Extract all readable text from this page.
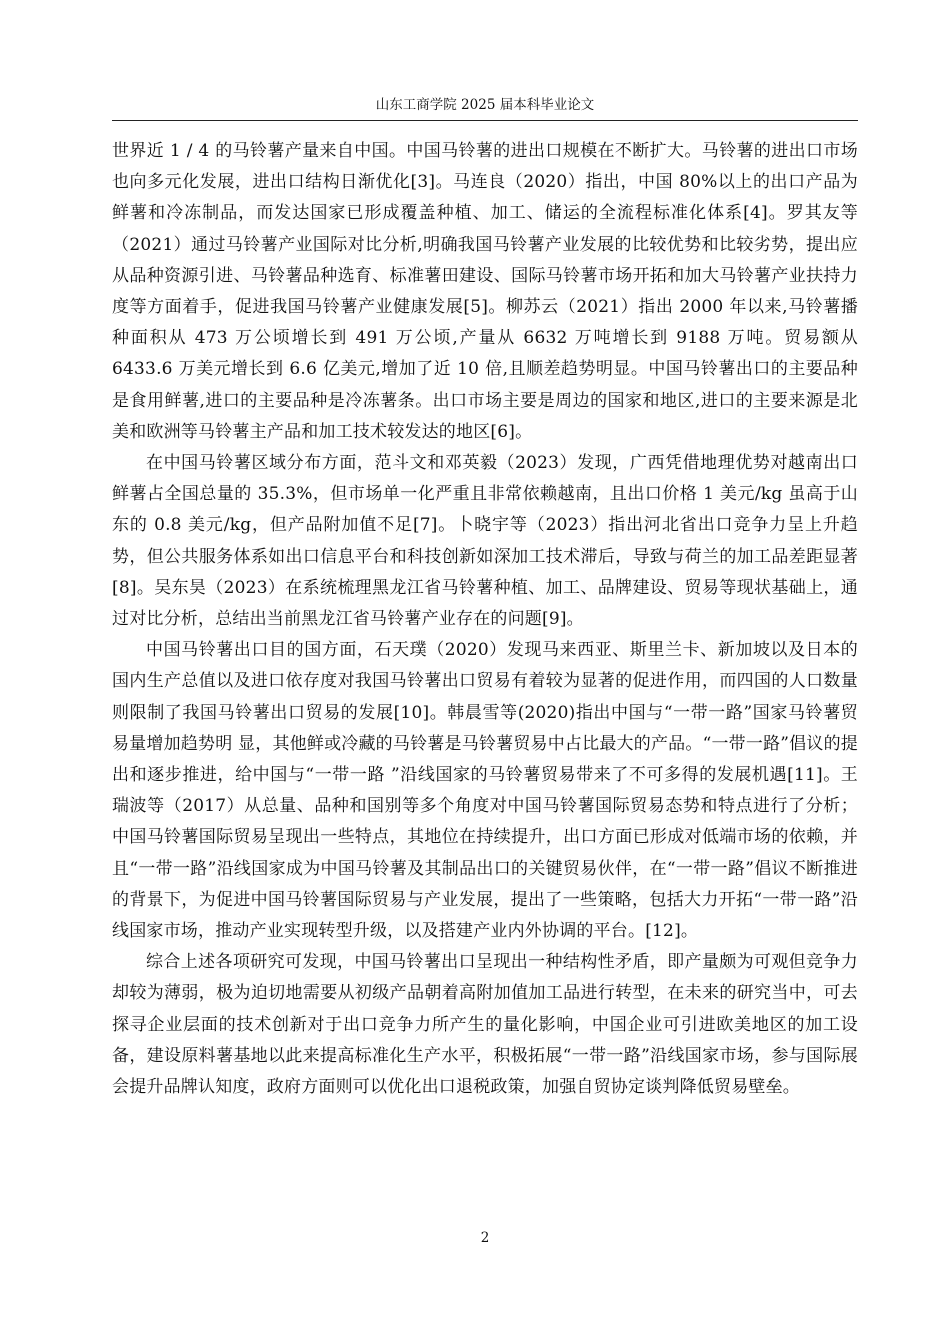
山东工商学院 2025 届本科毕业论文

世界近 1 / 4 的马铃薯产量来自中国。中国马铃薯的进出口规模在不断扩大。马铃薯的进出口市场也向多元化发展，进出口结构日渐优化[3]。马连良（2020）指出，中国 80%以上的出口产品为鲜薯和冷冻制品，而发达国家已形成覆盖种植、加工、储运的全流程标准化体系[4]。罗其友等（2021）通过马铃薯产业国际对比分析,明确我国马铃薯产业发展的比较优势和比较劣势，提出应从品种资源引进、马铃薯品种选育、标准薯田建设、国际马铃薯市场开拓和加大马铃薯产业扶持力度等方面着手，促进我国马铃薯产业健康发展[5]。柳苏云（2021）指出 2000 年以来,马铃薯播种面积从 473 万公顷增长到 491 万公顷,产量从 6632 万吨增长到 9188 万吨。贸易额从 6433.6 万美元增长到 6.6 亿美元,增加了近 10 倍,且顺差趋势明显。中国马铃薯出口的主要品种是食用鲜薯,进口的主要品种是冷冻薯条。出口市场主要是周边的国家和地区,进口的主要来源是北美和欧洲等马铃薯主产品和加工技术较发达的地区[6]。

在中国马铃薯区域分布方面，范斗文和邓英毅（2023）发现，广西凭借地理优势对越南出口鲜薯占全国总量的 35.3%，但市场单一化严重且非常依赖越南，且出口价格 1 美元/kg 虽高于山东的 0.8 美元/kg，但产品附加值不足[7]。卜晓宇等（2023）指出河北省出口竞争力呈上升趋势，但公共服务体系如出口信息平台和科技创新如深加工技术滞后，导致与荷兰的加工品差距显著[8]。吴东昊（2023）在系统梳理黑龙江省马铃薯种植、加工、品牌建设、贸易等现状基础上，通过对比分析，总结出当前黑龙江省马铃薯产业存在的问题[9]。

中国马铃薯出口目的国方面，石天璞（2020）发现马来西亚、斯里兰卡、新加坡以及日本的国内生产总值以及进口依存度对我国马铃薯出口贸易有着较为显著的促进作用，而四国的人口数量则限制了我国马铃薯出口贸易的发展[10]。韩晨雪等(2020)指出中国与“一带一路”国家马铃薯贸易量增加趋势明 显，其他鲜或冷藏的马铃薯是马铃薯贸易中占比最大的产品。“一带一路”倡议的提出和逐步推进，给中国与“一带一路 ”沿线国家的马铃薯贸易带来了不可多得的发展机遇[11]。王瑞波等（2017）从总量、品种和国别等多个角度对中国马铃薯国际贸易态势和特点进行了分析；中国马铃薯国际贸易呈现出一些特点，其地位在持续提升，出口方面已形成对低端市场的依赖，并且“一带一路”沿线国家成为中国马铃薯及其制品出口的关键贸易伙伴，在“一带一路”倡议不断推进的背景下，为促进中国马铃薯国际贸易与产业发展，提出了一些策略，包括大力开拓“一带一路”沿线国家市场，推动产业实现转型升级，以及搭建产业内外协调的平台。[12]。

综合上述各项研究可发现，中国马铃薯出口呈现出一种结构性矛盾，即产量颇为可观但竞争力却较为薄弱，极为迫切地需要从初级产品朝着高附加值加工品进行转型，在未来的研究当中，可去探寻企业层面的技术创新对于出口竞争力所产生的量化影响，中国企业可引进欧美地区的加工设备，建设原料薯基地以此来提高标准化生产水平，积极拓展“一带一路”沿线国家市场，参与国际展会提升品牌认知度，政府方面则可以优化出口退税政策，加强自贸协定谈判降低贸易壁垒。

2
